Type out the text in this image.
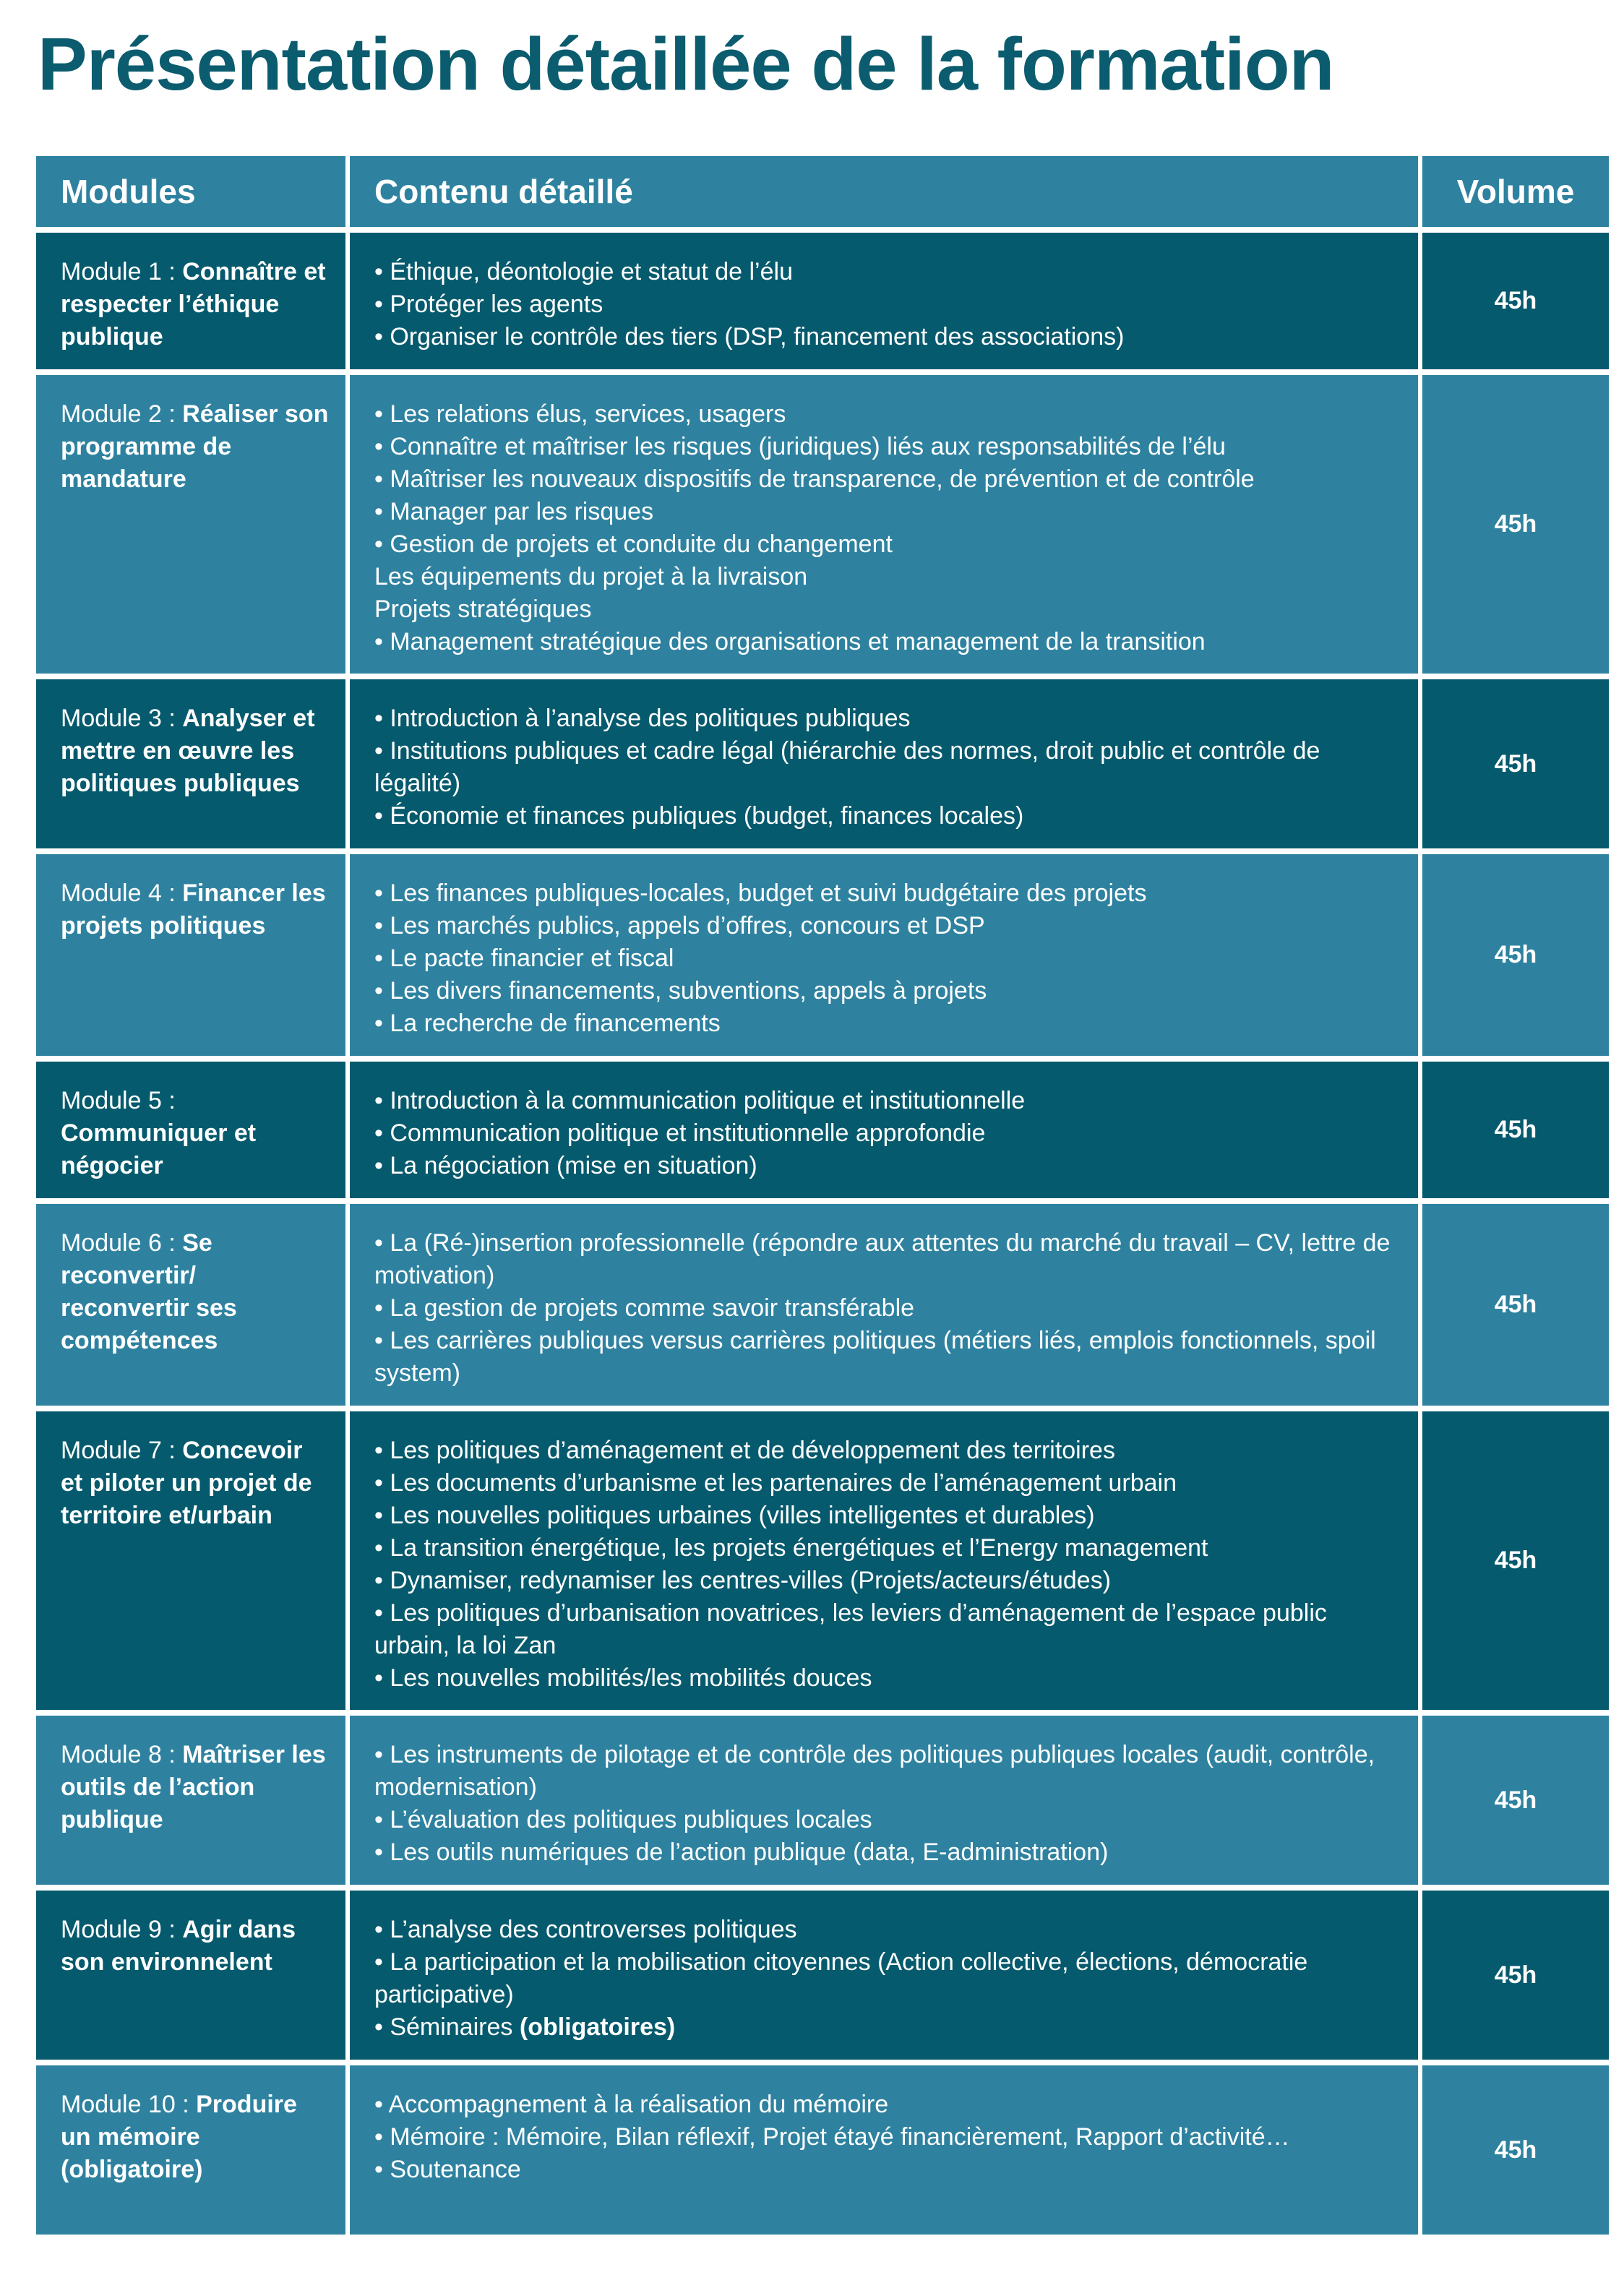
Présentation détaillée de la formation
Modules	Contenu détaillé	Volume
Module 1 : Connaître et respecter l’éthique publique
• Éthique, déontologie et statut de l’élu
• Protéger les agents
• Organiser le contrôle des tiers (DSP, financement des associations)
45h
Module 2 : Réaliser son programme de mandature
• Les relations élus, services, usagers
• Connaître et maîtriser les risques (juridiques) liés aux responsabilités de l’élu
• Maîtriser les nouveaux dispositifs de transparence, de prévention et de contrôle
• Manager par les risques
• Gestion de projets et conduite du changement
Les équipements du projet à la livraison
Projets stratégiques
• Management stratégique des organisations et management de la transition
45h
Module 3 : Analyser et mettre en œuvre les politiques publiques
• Introduction à l’analyse des politiques publiques
• Institutions publiques et cadre légal (hiérarchie des normes, droit public et contrôle de légalité)
• Économie et finances publiques (budget, finances locales)
45h
Module 4 : Financer les projets politiques
• Les finances publiques-locales, budget et suivi budgétaire des projets
• Les marchés publics, appels d’offres, concours et DSP
• Le pacte financier et fiscal
• Les divers financements, subventions, appels à projets
• La recherche de financements
45h
Module 5 : Communiquer et négocier
• Introduction à la communication politique et institutionnelle
• Communication politique et institutionnelle approfondie
• La négociation (mise en situation)
45h
Module 6 : Se reconvertir/ reconvertir ses compétences
• La (Ré-)insertion professionnelle (répondre aux attentes du marché du travail – CV, lettre de motivation)
• La gestion de projets comme savoir transférable
• Les carrières publiques versus carrières politiques (métiers liés, emplois fonctionnels, spoil system)
45h
Module 7 : Concevoir et piloter un projet de territoire et/urbain
• Les politiques d’aménagement et de développement des territoires
• Les documents d’urbanisme et les partenaires de l’aménagement urbain
• Les nouvelles politiques urbaines (villes intelligentes et durables)
• La transition énergétique, les projets énergétiques et l’Energy management
• Dynamiser, redynamiser les centres-villes (Projets/acteurs/études)
• Les politiques d’urbanisation novatrices, les leviers d’aménagement de l’espace public urbain, la loi Zan
• Les nouvelles mobilités/les mobilités douces
45h
Module 8 : Maîtriser les outils de l’action publique
• Les instruments de pilotage et de contrôle des politiques publiques locales (audit, contrôle, modernisation)
• L’évaluation des politiques publiques locales
• Les outils numériques de l’action publique (data, E-administration)
45h
Module 9 : Agir dans son environnelent
• L’analyse des controverses politiques
• La participation et la mobilisation citoyennes (Action collective, élections, démocratie participative)
• Séminaires (obligatoires)
45h
Module 10 : Produire un mémoire (obligatoire)
• Accompagnement à la réalisation du mémoire
• Mémoire : Mémoire, Bilan réflexif, Projet étayé financièrement, Rapport d’activité…
• Soutenance
45h
